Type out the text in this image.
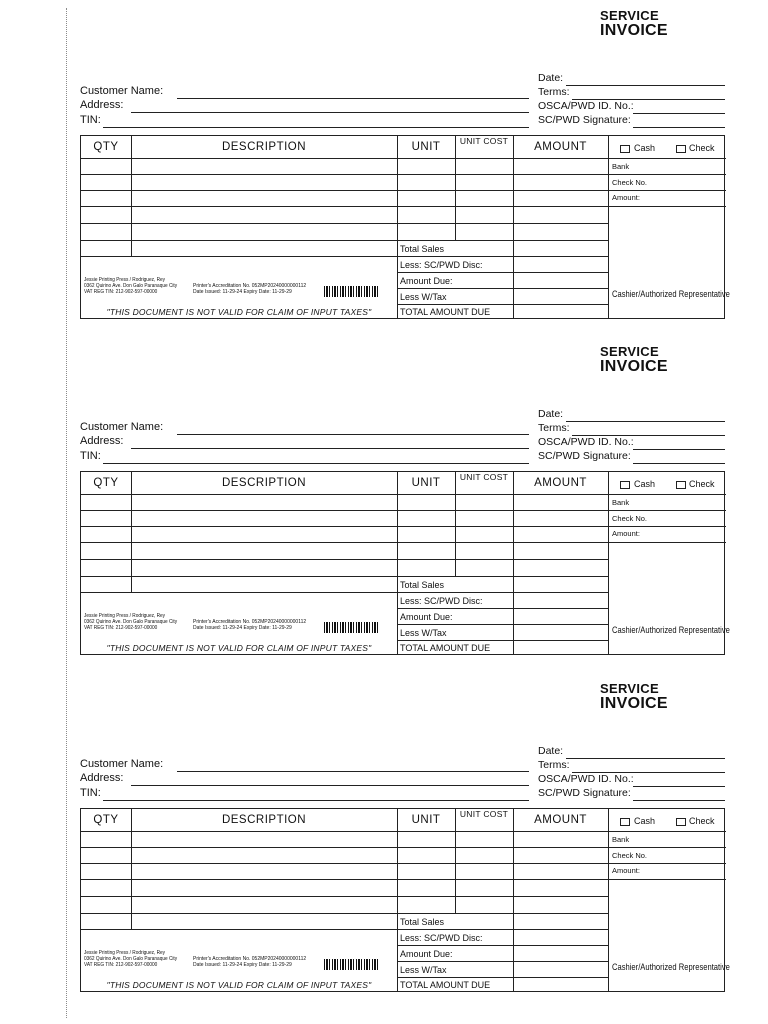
SERVICE
INVOICE
Date:
Terms:
OSCA/PWD ID. No.:
SC/PWD Signature:
Customer Name:
Address:
TIN:
QTY	DESCRIPTION	UNIT	UNIT COST	AMOUNT	Cash	Check
Bank
Check No.
Amount:
Total Sales
Less: SC/PWD Disc:
Amount Due:
Less W/Tax
TOTAL AMOUNT DUE
Cashier/Authorized Representative
Jessie Printing Press / Rodriguez, Rey
0362 Quirino Ave. Don Galo Paranaque City
VAT REG TIN: 212-902-597-00000
Printer's Accreditation No. 052MP20240000000112
Date Issued: 11-29-24 Expiry Date: 11-29-29
"THIS DOCUMENT IS NOT VALID FOR CLAIM OF INPUT TAXES"
SERVICE
INVOICE
Date:
Terms:
OSCA/PWD ID. No.:
SC/PWD Signature:
Customer Name:
Address:
TIN:
QTY	DESCRIPTION	UNIT	UNIT COST	AMOUNT	Cash	Check
Bank
Check No.
Amount:
Total Sales
Less: SC/PWD Disc:
Amount Due:
Less W/Tax
TOTAL AMOUNT DUE
Cashier/Authorized Representative
Jessie Printing Press / Rodriguez, Rey
0362 Quirino Ave. Don Galo Paranaque City
VAT REG TIN: 212-902-597-00000
Printer's Accreditation No. 052MP20240000000112
Date Issued: 11-29-24 Expiry Date: 11-29-29
"THIS DOCUMENT IS NOT VALID FOR CLAIM OF INPUT TAXES"
SERVICE
INVOICE
Date:
Terms:
OSCA/PWD ID. No.:
SC/PWD Signature:
Customer Name:
Address:
TIN:
QTY	DESCRIPTION	UNIT	UNIT COST	AMOUNT	Cash	Check
Bank
Check No.
Amount:
Total Sales
Less: SC/PWD Disc:
Amount Due:
Less W/Tax
TOTAL AMOUNT DUE
Cashier/Authorized Representative
Jessie Printing Press / Rodriguez, Rey
0362 Quirino Ave. Don Galo Paranaque City
VAT REG TIN: 212-902-597-00000
Printer's Accreditation No. 052MP20240000000112
Date Issued: 11-29-24 Expiry Date: 11-29-29
"THIS DOCUMENT IS NOT VALID FOR CLAIM OF INPUT TAXES"
